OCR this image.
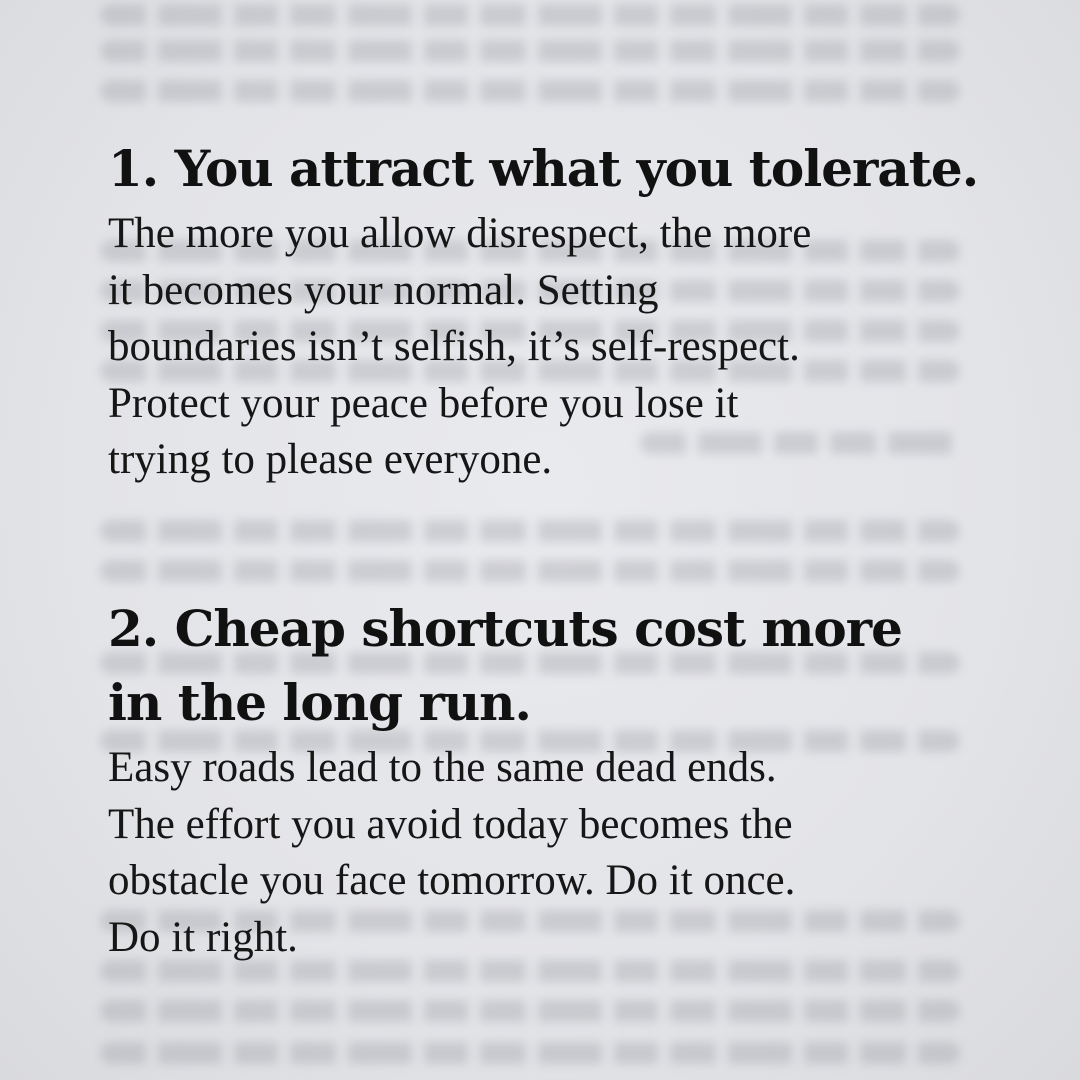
1. You attract what you tolerate.

The more you allow disrespect, the more
it becomes your normal. Setting
boundaries isn’t selfish, it’s self-respect.
Protect your peace before you lose it
trying to please everyone.

2. Cheap shortcuts cost more
in the long run.

Easy roads lead to the same dead ends.
The effort you avoid today becomes the
obstacle you face tomorrow. Do it once.
Do it right.
